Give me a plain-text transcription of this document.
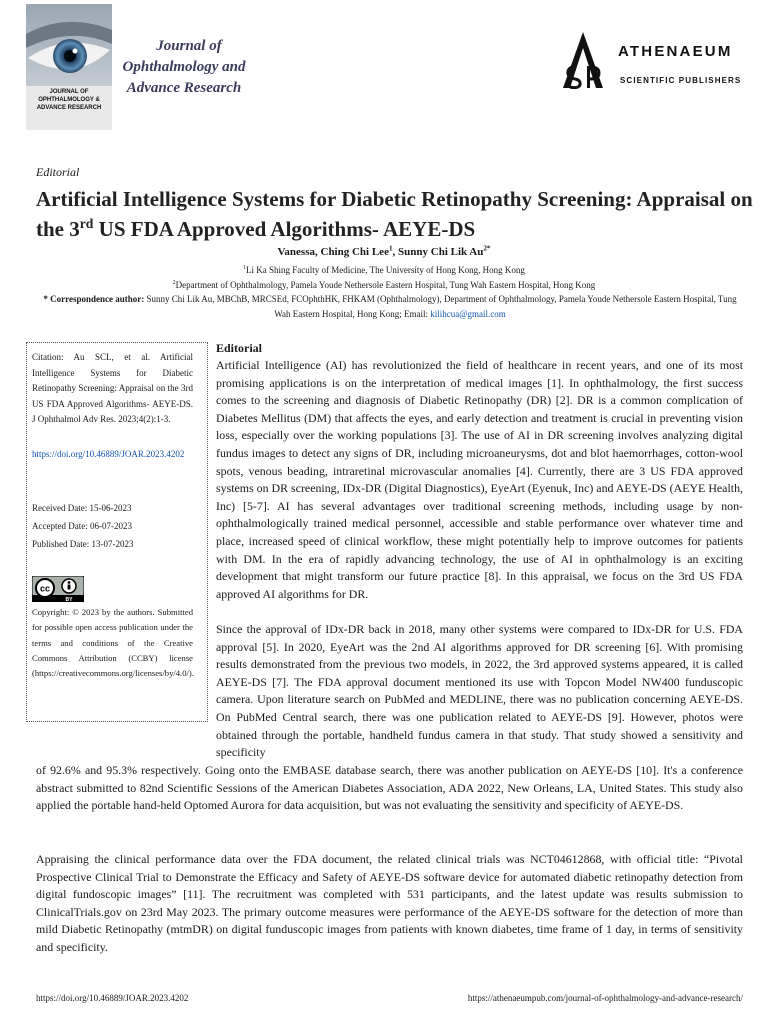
JOURNAL OF OPHTHALMOLOGY & ADVANCE RESEARCH
Journal of
Ophthalmology and
Advance Research
ATHENAEUM
SCIENTIFIC PUBLISHERS
Editorial
Artificial Intelligence Systems for Diabetic Retinopathy Screening: Appraisal on the 3rd US FDA Approved Algorithms- AEYE-DS
Vanessa, Ching Chi Lee$^1$, Sunny Chi Lik $Au^{2*}$
$^1$Li Ka Shing Faculty of Medicine, The University of Hong Kong, Hong Kong
$^2$Department of Ophthalmology, Pamela Youde Nethersole Eastern Hospital, Tung Wah Eastern Hospital, Hong Kong
* Correspondence author: Sunny Chi Lik Au, MBChB, MRCSEd, FCOphthHK, FHKAM (Ophthalmology), Department of Ophthalmology, Pamela Youde Nethersole Eastern Hospital, Tung Wah Eastern Hospital, Hong Kong; Email: kilihcua@gmail.com
Citation: Au SCL, et al. Artificial Intelligence Systems for Diabetic Retinopathy Screening: Appraisal on the 3rd US FDA Approved Algorithms- AEYE-DS. J Ophthalmol Adv Res. 2023;4(2):1-3.
https://doi.org/10.46889/JOAR.2023.4202
Received Date: 15-06-2023
Accepted Date: 06-07-2023
Published Date: 13-07-2023
cc
BY
Copyright: © 2023 by the authors. Submitted for possible open access publication under the terms and conditions of the Creative Commons Attribution (CCBY) license (https://creativecommons.org/licenses/by/4.0/).
Editorial
Artificial Intelligence (AI) has revolutionized the field of healthcare in recent years, and one of its most promising applications is on the interpretation of medical images [1]. In ophthalmology, the first success comes to the screening and diagnosis of Diabetic Retinopathy (DR) [2]. DR is a common complication of Diabetes Mellitus (DM) that affects the eyes, and early detection and treatment is crucial in preventing vision loss, especially over the working populations [3]. The use of AI in DR screening involves analyzing digital fundus images to detect any signs of DR, including microaneurysms, dot and blot haemorrhages, cotton-wool spots, venous beading, intraretinal microvascular anomalies [4]. Currently, there are 3 US FDA approved systems on DR screening, IDx-DR (Digital Diagnostics), EyeArt (Eyenuk, Inc) and AEYE-DS (AEYE Health, Inc) [5-7]. AI has several advantages over traditional screening methods, including usage by non-ophthalmologically trained medical personnel, accessible and stable performance over whatever time and place, increased speed of clinical workflow, these might potentially help to improve outcomes for patients with DM. In the era of rapidly advancing technology, the use of AI in ophthalmology is an exciting development that might transform our future practice [8]. In this appraisal, we focus on the 3rd US FDA approved AI algorithms for DR.
Since the approval of IDx-DR back in 2018, many other systems were compared to IDx-DR for U.S. FDA approval [5]. In 2020, EyeArt was the 2nd AI algorithms approved for DR screening [6]. With promising results demonstrated from the previous two models, in 2022, the 3rd approved systems appeared, it is called AEYE-DS [7]. The FDA approval document mentioned its use with Topcon Model NW400 funduscopic camera. Upon literature search on PubMed and MEDLINE, there was no publication concerning AEYE-DS. On PubMed Central search, there was one publication related to AEYE-DS [9]. However, photos were obtained through the portable, handheld fundus camera in that study. That study showed a sensitivity and specificity
of 92.6% and 95.3% respectively. Going onto the EMBASE database search, there was another publication on AEYE-DS [10]. It's a conference abstract submitted to 82nd Scientific Sessions of the American Diabetes Association, ADA 2022, New Orleans, LA, United States. This study also applied the portable hand-held Optomed Aurora for data acquisition, but was not evaluating the sensitivity and specificity of AEYE-DS.
Appraising the clinical performance data over the FDA document, the related clinical trials was NCT04612868, with official title: “Pivotal Prospective Clinical Trial to Demonstrate the Efficacy and Safety of AEYE-DS software device for automated diabetic retinopathy detection from digital fundoscopic images” [11]. The recruitment was completed with 531 participants, and the latest update was results submission to ClinicalTrials.gov on 23rd May 2023. The primary outcome measures were performance of the AEYE-DS software for the detection of more than mild Diabetic Retinopathy (mtmDR) on digital funduscopic images from patients with known diabetes, time frame of 1 day, in terms of sensitivity and specificity.
https://doi.org/10.46889/JOAR.2023.4202	https://athenaeumpub.com/journal-of-ophthalmology-and-advance-research/
